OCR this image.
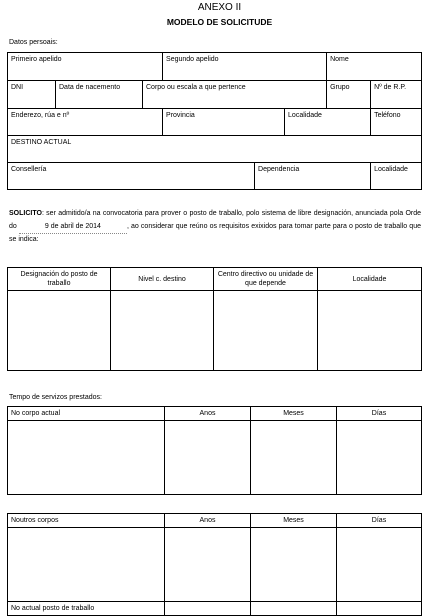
ANEXO II
MODELO DE SOLICITUDE
Datos persoais:
Primeiro apelido			Segundo apelido			Nome	
DNI	Data de nacemento	Corpo ou escala a que pertence				Grupo	Nº de R.P.
Enderezo, rúa e nº			Provincia		Localidade		Teléfono
DESTINO ACTUAL							
Consellería				Dependencia			Localidade
SOLICITO: ser admitido/a na convocatoria para prover o posto de traballo, polo sistema de libre designación, anunciada pola Orde do	9 de abril de 2014	, ao considerar que reúno os requisitos exixidos para tomar parte para o posto de traballo que se indica:
Designación do posto de traballo	Nivel c. destino	Centro directivo ou unidade de que depende	Localidade

Tempo de servizos prestados:
No corpo actual	Anos	Meses	Días

Noutros corpos	Anos	Meses	Días

No actual posto de traballo			
